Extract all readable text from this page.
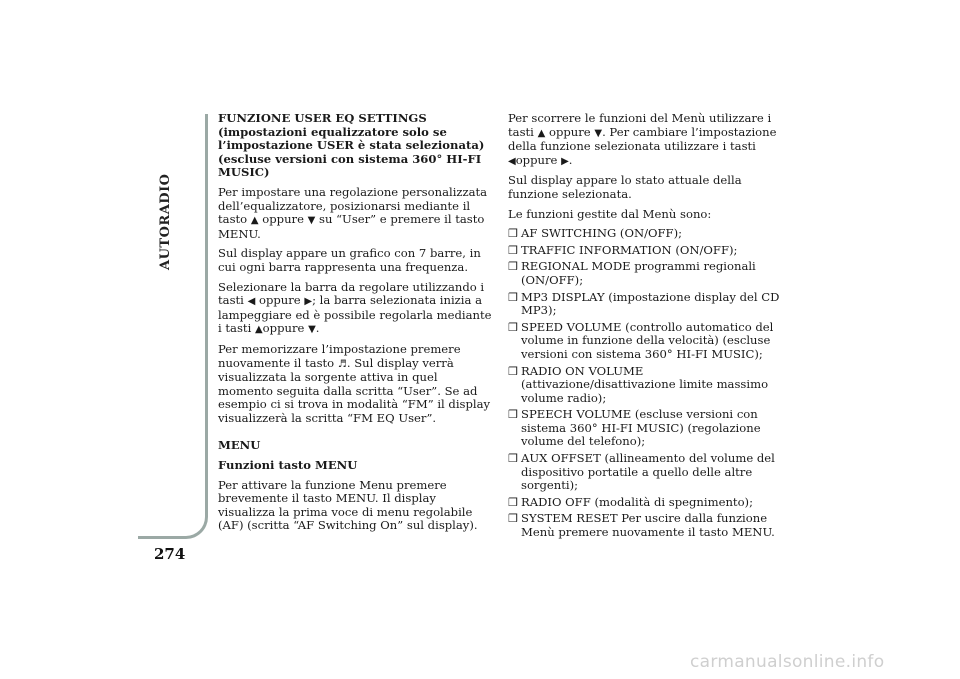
AUTORADIO
274

FUNZIONE USER EQ SETTINGS (impostazioni equalizzatore solo se l’impostazione USER è stata selezionata) (escluse versioni con sistema 360° HI-FI MUSIC)

Per impostare una regolazione personalizzata dell’equalizzatore, posizionarsi mediante il tasto ▲ oppure ▼ su “User” e premere il tasto MENU.

Sul display appare un grafico con 7 barre, in cui ogni barra rappresenta una frequenza.

Selezionare la barra da regolare utilizzando i tasti ◀ oppure ▶; la barra selezionata inizia a lampeggiare ed è possibile regolarla mediante i tasti ▲oppure ▼.

Per memorizzare l’impostazione premere nuovamente il tasto ♬. Sul display verrà visualizzata la sorgente attiva in quel momento seguita dalla scritta “User”. Se ad esempio ci si trova in modalità “FM” il display visualizzerà la scritta “FM EQ User”.

MENU

Funzioni tasto MENU

Per attivare la funzione Menu premere brevemente il tasto MENU. Il display visualizza la prima voce di menu regolabile (AF) (scritta “AF Switching On” sul display).

Per scorrere le funzioni del Menù utilizzare i tasti ▲ oppure ▼. Per cambiare l’impostazione della funzione selezionata utilizzare i tasti ◀oppure ▶.

Sul display appare lo stato attuale della funzione selezionata.

Le funzioni gestite dal Menù sono:

❒ AF SWITCHING (ON/OFF);
❒ TRAFFIC INFORMATION (ON/OFF);
❒ REGIONAL MODE programmi regionali (ON/OFF);
❒ MP3 DISPLAY (impostazione display del CD MP3);
❒ SPEED VOLUME (controllo automatico del volume in funzione della velocità) (escluse versioni con sistema 360° HI-FI MUSIC);
❒ RADIO ON VOLUME (attivazione/disattivazione limite massimo volume radio);
❒ SPEECH VOLUME (escluse versioni con sistema 360° HI-FI MUSIC) (regolazione volume del telefono);
❒ AUX OFFSET (allineamento del volume del dispositivo portatile a quello delle altre sorgenti);
❒ RADIO OFF (modalità di spegnimento);
❒ SYSTEM RESET Per uscire dalla funzione Menù premere nuovamente il tasto MENU.
carmanualsonline.info
